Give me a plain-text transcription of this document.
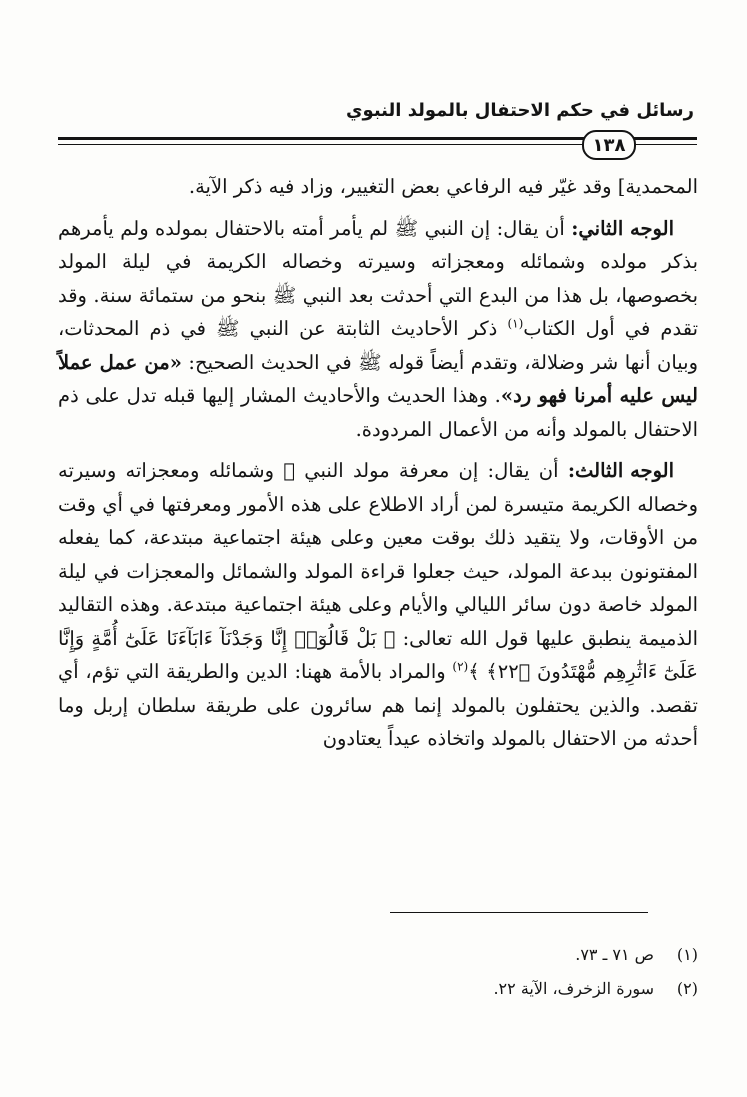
رسائل في حكم الاحتفال بالمولد النبوي
١٣٨

المحمدية] وقد غيّر فيه الرفاعي بعض التغيير، وزاد فيه ذكر الآية.

الوجه الثاني: أن يقال: إن النبي ﷺ لم يأمر أمته بالاحتفال بمولده ولم يأمرهم بذكر مولده وشمائله ومعجزاته وسيرته وخصاله الكريمة في ليلة المولد بخصوصها، بل هذا من البدع التي أحدثت بعد النبي ﷺ بنحو من ستمائة سنة. وقد تقدم في أول الكتاب$^{(١)}$ ذكر الأحاديث الثابتة عن النبي ﷺ في ذم المحدثات، وبيان أنها شر وضلالة، وتقدم أيضاً قوله ﷺ في الحديث الصحيح: «من عمل عملاً ليس عليه أمرنا فهو رد». وهذا الحديث والأحاديث المشار إليها قبله تدل على ذم الاحتفال بالمولد وأنه من الأعمال المردودة.

الوجه الثالث: أن يقال: إن معرفة مولد النبي ﷺ وشمائله ومعجزاته وسيرته وخصاله الكريمة متيسرة لمن أراد الاطلاع على هذه الأمور ومعرفتها في أي وقت من الأوقات، ولا يتقيد ذلك بوقت معين وعلى هيئة اجتماعية مبتدعة، كما يفعله المفتونون ببدعة المولد، حيث جعلوا قراءة المولد والشمائل والمعجزات في ليلة المولد خاصة دون سائر الليالي والأيام وعلى هيئة اجتماعية مبتدعة. وهذه التقاليد الذميمة ينطبق عليها قول الله تعالى: ﴿ بَلْ قَالُوٓا۟ إِنَّا وَجَدْنَآ ءَابَآءَنَا عَلَىٰٓ أُمَّةٍ وَإِنَّا عَلَىٰٓ ءَاثَٰرِهِم مُّهْتَدُونَ ﴿٢٢﴾ ﴾$^{(٢)}$ والمراد بالأمة ههنا: الدين والطريقة التي تؤم، أي تقصد. والذين يحتفلون بالمولد إنما هم سائرون على طريقة سلطان إربل وما أحدثه من الاحتفال بالمولد واتخاذه عيداً يعتادون

(١)
ص ٧١ ـ ٧٣.
(٢)
سورة الزخرف، الآية ٢٢.
